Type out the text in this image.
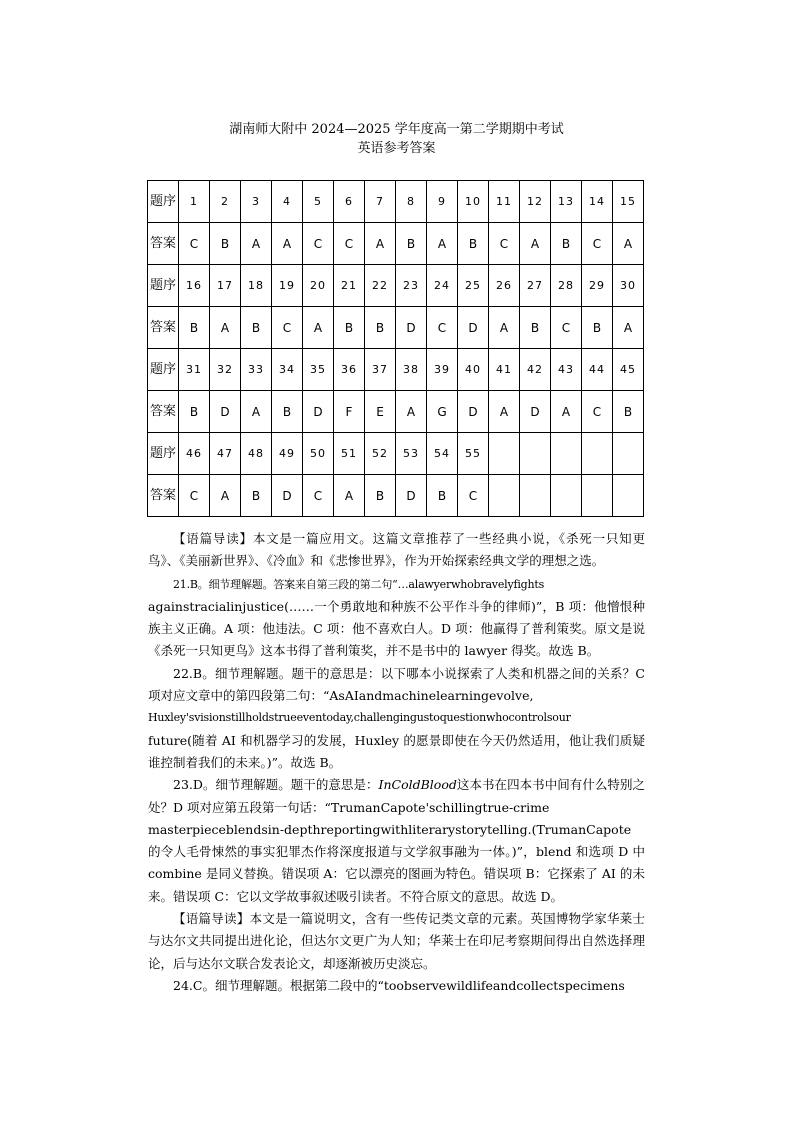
湖南师大附中 2024—2025 学年度高一第二学期期中考试
英语参考答案
题序	1	2	3	4	5	6	7	8	9	10	11	12	13	14	15
答案	C	B	A	A	C	C	A	B	A	B	C	A	B	C	A
题序	16	17	18	19	20	21	22	23	24	25	26	27	28	29	30
答案	B	A	B	C	A	B	B	D	C	D	A	B	C	B	A
题序	31	32	33	34	35	36	37	38	39	40	41	42	43	44	45
答案	B	D	A	B	D	F	E	A	G	D	A	D	A	C	B
题序	46	47	48	49	50	51	52	53	54	55					
答案	C	A	B	D	C	A	B	D	B	C					

【语篇导读】本文是一篇应用文。这篇文章推荐了一些经典小说，《杀死一只知更鸟》、《美丽新世界》、《冷血》和《悲惨世界》，作为开始探索经典文学的理想之选。

21.B。细节理解题。答案来自第三段的第二句“…alawyerwhobravelyfights

againstracialinjustice(……一个勇敢地和种族不公平作斗争的律师)”，B 项：他憎恨种族主义正确。A 项：他违法。C 项：他不喜欢白人。D 项：他赢得了普利策奖。原文是说《杀死一只知更鸟》这本书得了普利策奖，并不是书中的 lawyer 得奖。故选 B。

22.B。细节理解题。题干的意思是：以下哪本小说探索了人类和机器之间的关系？C 项对应文章中的第四段第二句：“AsAIandmachinelearningevolve,

Huxley'svisionstillholdstrueeventoday,challengingustoquestionwhocontrolsour

future(随着 AI 和机器学习的发展，Huxley 的愿景即使在今天仍然适用，他让我们质疑谁控制着我们的未来。)”。故选 B。

23.D。细节理解题。题干的意思是：InColdBlood这本书在四本书中间有什么特别之处？D 项对应第五段第一句话：“TrumanCapote'schillingtrue-crime

masterpieceblendsin-depthreportingwithliterarystorytelling.(TrumanCapote 的令人毛骨悚然的事实犯罪杰作将深度报道与文学叙事融为一体。)”，blend 和选项 D 中 combine 是同义替换。错误项 A：它以漂亮的图画为特色。错误项 B：它探索了 AI 的未来。错误项 C：它以文学故事叙述吸引读者。不符合原文的意思。故选 D。

【语篇导读】本文是一篇说明文，含有一些传记类文章的元素。英国博物学家华莱士与达尔文共同提出进化论，但达尔文更广为人知；华莱士在印尼考察期间得出自然选择理论，后与达尔文联合发表论文，却逐渐被历史淡忘。

24.C。细节理解题。根据第二段中的“toobservewildlifeandcollectspecimens
